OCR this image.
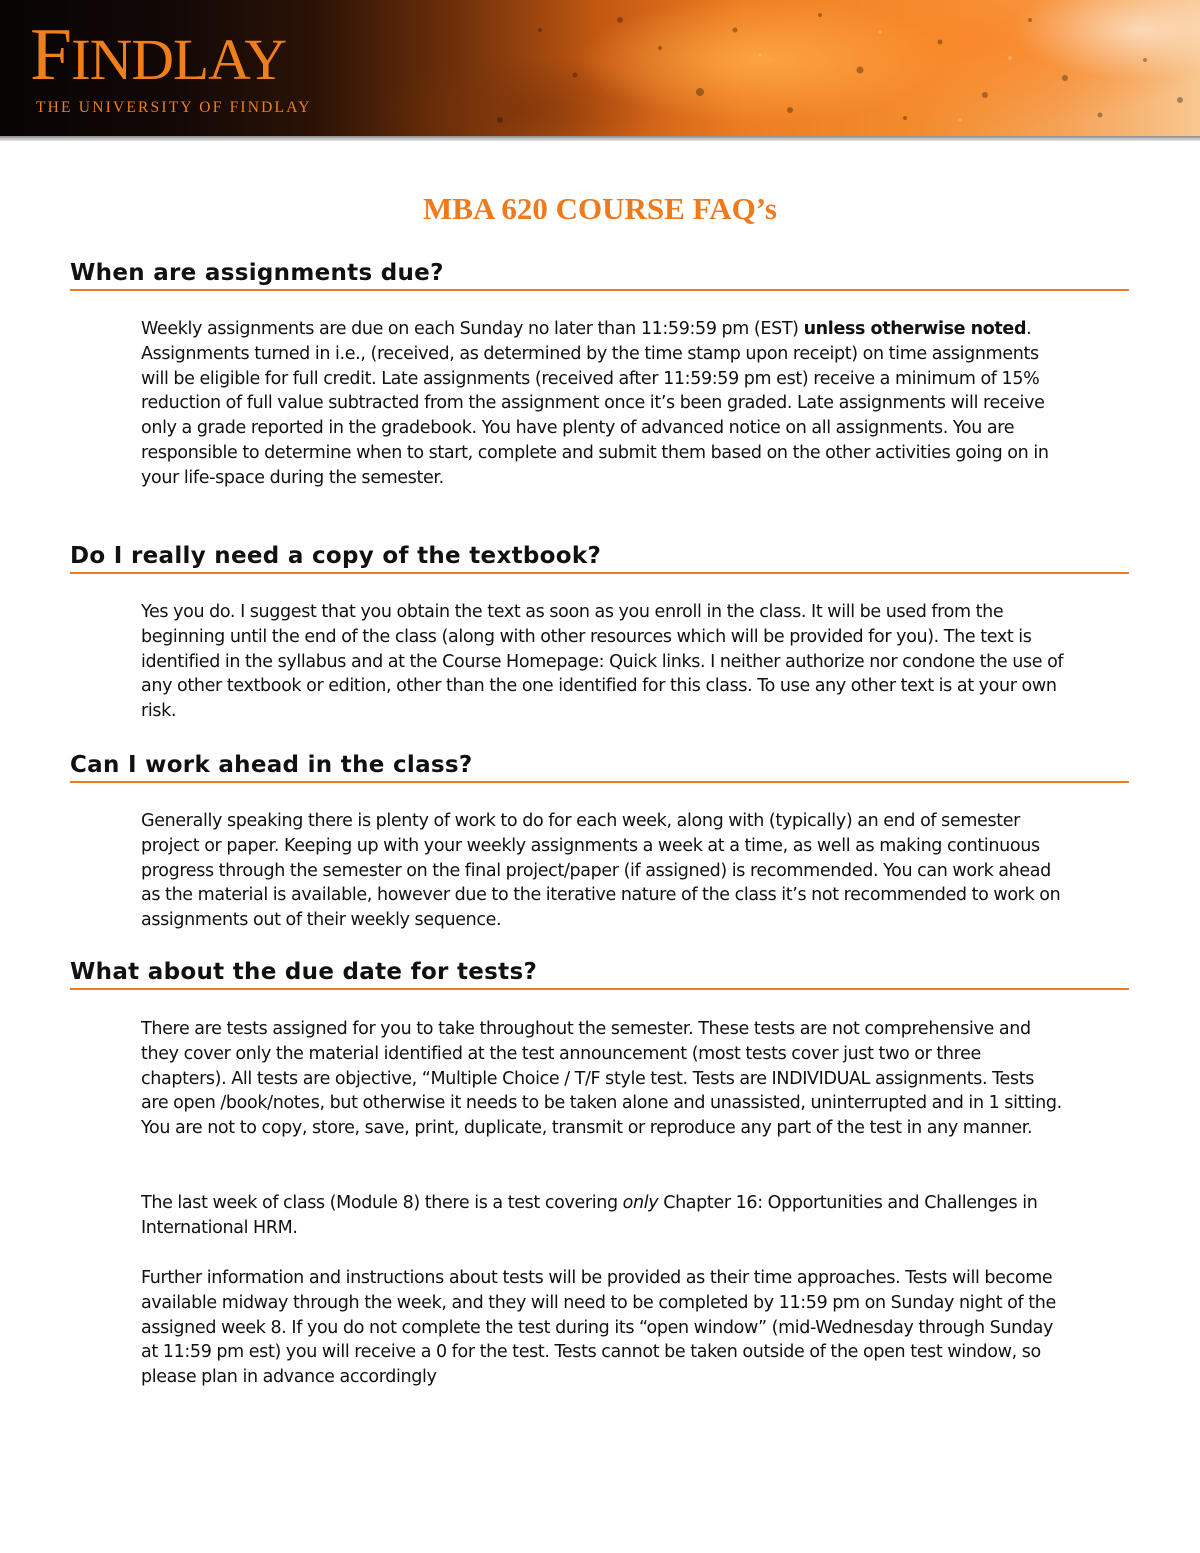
FINDLAY
THE UNIVERSITY OF FINDLAY
MBA 620 COURSE FAQ’s
When are assignments due?

Weekly assignments are due on each Sunday no later than 11:59:59 pm (EST) unless otherwise noted. Assignments turned in i.e., (received, as determined by the time stamp upon receipt) on time assignments will be eligible for full credit. Late assignments (received after 11:59:59 pm est) receive a minimum of 15% reduction of full value subtracted from the assignment once it’s been graded. Late assignments will receive only a grade reported in the gradebook. You have plenty of advanced notice on all assignments. You are responsible to determine when to start, complete and submit them based on the other activities going on in your life-space during the semester.

Do I really need a copy of the textbook?

Yes you do. I suggest that you obtain the text as soon as you enroll in the class. It will be used from the beginning until the end of the class (along with other resources which will be provided for you). The text is identified in the syllabus and at the Course Homepage: Quick links. I neither authorize nor condone the use of any other textbook or edition, other than the one identified for this class. To use any other text is at your own risk.

Can I work ahead in the class?

Generally speaking there is plenty of work to do for each week, along with (typically) an end of semester project or paper. Keeping up with your weekly assignments a week at a time, as well as making continuous progress through the semester on the final project/paper (if assigned) is recommended. You can work ahead as the material is available, however due to the iterative nature of the class it’s not recommended to work on assignments out of their weekly sequence.

What about the due date for tests?

There are tests assigned for you to take throughout the semester. These tests are not comprehensive and they cover only the material identified at the test announcement (most tests cover just two or three chapters). All tests are objective, “Multiple Choice / T/F style test. Tests are INDIVIDUAL assignments. Tests are open /book/notes, but otherwise it needs to be taken alone and unassisted, uninterrupted and in 1 sitting. You are not to copy, store, save, print, duplicate, transmit or reproduce any part of the test in any manner.

The last week of class (Module 8) there is a test covering only Chapter 16: Opportunities and Challenges in International HRM.

Further information and instructions about tests will be provided as their time approaches. Tests will become available midway through the week, and they will need to be completed by 11:59 pm on Sunday night of the assigned week 8. If you do not complete the test during its “open window” (mid-Wednesday through Sunday at 11:59 pm est) you will receive a 0 for the test. Tests cannot be taken outside of the open test window, so please plan in advance accordingly
